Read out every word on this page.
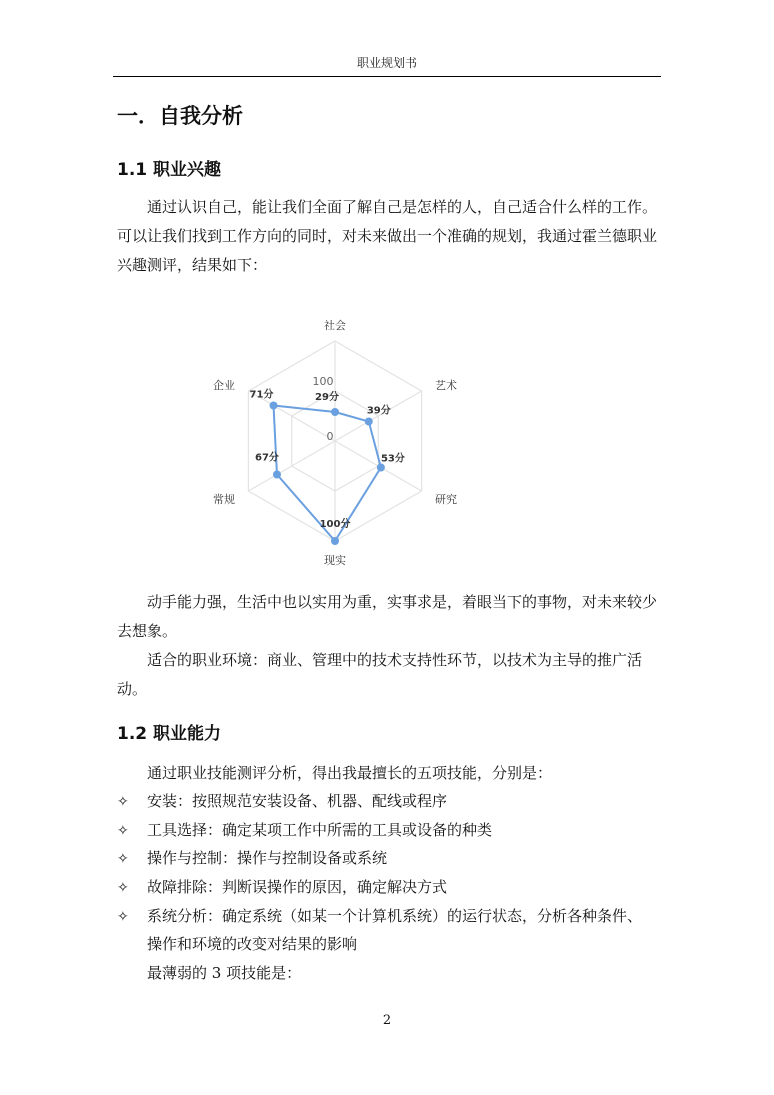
职业规划书
一．自我分析
1.1 职业兴趣

通过认识自己，能让我们全面了解自己是怎样的人，自己适合什么样的工作。可以让我们找到工作方向的同时，对未来做出一个准确的规划，我通过霍兰德职业兴趣测评，结果如下：

社会
艺术
研究
现实
常规
企业	100
0
29分
39分
53分
100分
67分
71分

动手能力强，生活中也以实用为重，实事求是，着眼当下的事物，对未来较少去想象。

适合的职业环境：商业、管理中的技术支持性环节，以技术为主导的推广活动。

1.2 职业能力
通过职业技能测评分析，得出我最擅长的五项技能，分别是：
✧ 安装：按照规范安装设备、机器、配线或程序
✧ 工具选择：确定某项工作中所需的工具或设备的种类
✧ 操作与控制：操作与控制设备或系统
✧ 故障排除：判断误操作的原因，确定解决方式
✧ 系统分析：确定系统（如某一个计算机系统）的运行状态，分析各种条件、
操作和环境的改变对结果的影响
最薄弱的 3 项技能是：
2
